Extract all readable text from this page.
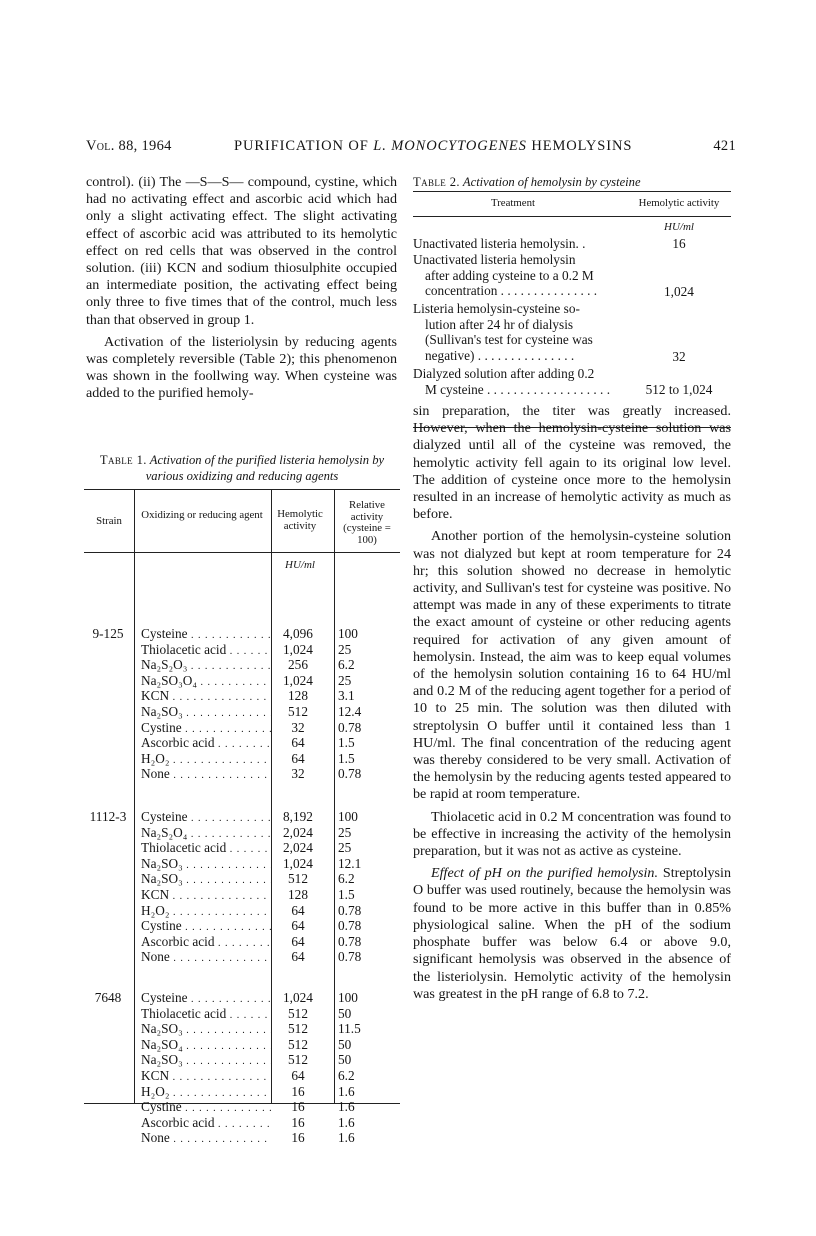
Vol. 88, 1964	PURIFICATION OF L. MONOCYTOGENES HEMOLYSINS	421

control). (ii) The —S—S— compound, cystine, which had no activating effect and ascorbic acid which had only a slight activating effect. The slight activating effect of ascorbic acid was attributed to its hemolytic effect on red cells that was observed in the control solution. (iii) KCN and sodium thiosulphite occupied an intermediate position, the activating effect being only three to five times that of the control, much less than that observed in group 1.

Activation of the listeriolysin by reducing agents was completely reversible (Table 2); this phenomenon was shown in the foollwing way. When cysteine was added to the purified hemoly-

Table 1. Activation of the purified listeria hemolysin by various oxidizing and reducing agents
Strain	Oxidizing or reducing agent	Hemolytic activity
Relative activity (cysteine = 100)
HU/ml
9-125	Cysteine . . .	4,096	100
Thiolacetic acid . . .	1,024	25
Na₂S₂O₃ . . .	256	6.2
Na₂SO₃O₄ . . .	1,024	25
KCN . . .	128	3.1
Na₂SO₃ . . .	512	12.4
Cystine . . .	32	0.78
Ascorbic acid . . .	64	1.5
H₂O₂ . . .	64	1.5
None . . .	32	0.78
1112-3	Cysteine . . .	8,192	100
Na₂S₂O₄ . . .	2,024	25
Thiolacetic acid . . .	2,024	25
Na₂SO₃ . . .	1,024	12.1
Na₂SO₃ . . .	512	6.2
KCN . . .	128	1.5
H₂O₂ . . .	64	0.78
Cystine . . .	64	0.78
Ascorbic acid . . .	64	0.78
None . . .	64	0.78
7648	Cysteine . . .	1,024	100
Thiolacetic acid . . .	512	50
Na₂SO₃ . . .	512	11.5
Na₂SO₄ . . .	512	50
Na₂SO₃ . . .	512	50
KCN . . .	64	6.2
H₂O₂ . . .	16	1.6
Cystine . . .	16	1.6
Ascorbic acid . . .	16	1.6
None . . .	16	1.6
Table 2. Activation of hemolysin by cysteine
Treatment	Hemolytic activity
HU/ml
Unactivated listeria hemolysin. .	16
Unactivated listeria hemolysin
after adding cysteine to a 0.2 M concentration . . . . . . . . . . . . . . .	1,024
Listeria hemolysin-cysteine so-
lution after 24 hr of dialysis (Sullivan's test for cysteine was negative) . . . . . . . . . . . . . . .	32
Dialyzed solution after adding 0.2
M cysteine . . . . . . . . . . . . . . . . . . .	512 to 1,024

sin preparation, the titer was greatly increased. However, when the hemolysin-cysteine solution was dialyzed until all of the cysteine was removed, the hemolytic activity fell again to its original low level. The addition of cysteine once more to the hemolysin resulted in an increase of hemolytic activity as much as before.

Another portion of the hemolysin-cysteine solution was not dialyzed but kept at room temperature for 24 hr; this solution showed no decrease in hemolytic activity, and Sullivan's test for cysteine was positive. No attempt was made in any of these experiments to titrate the exact amount of cysteine or other reducing agents required for activation of any given amount of hemolysin. Instead, the aim was to keep equal volumes of the hemolysin solution containing 16 to 64 HU/ml and 0.2 M of the reducing agent together for a period of 10 to 25 min. The solution was then diluted with streptolysin O buffer until it contained less than 1 HU/ml. The final concentration of the reducing agent was thereby considered to be very small. Activation of the hemolysin by the reducing agents tested appeared to be rapid at room temperature.

Thiolacetic acid in 0.2 M concentration was found to be effective in increasing the activity of the hemolysin preparation, but it was not as active as cysteine.

Effect of pH on the purified hemolysin. Streptolysin O buffer was used routinely, because the hemolysin was found to be more active in this buffer than in 0.85% physiological saline. When the pH of the sodium phosphate buffer was below 6.4 or above 9.0, significant hemolysis was observed in the absence of the listeriolysin. Hemolytic activity of the hemolysin was greatest in the pH range of 6.8 to 7.2.
